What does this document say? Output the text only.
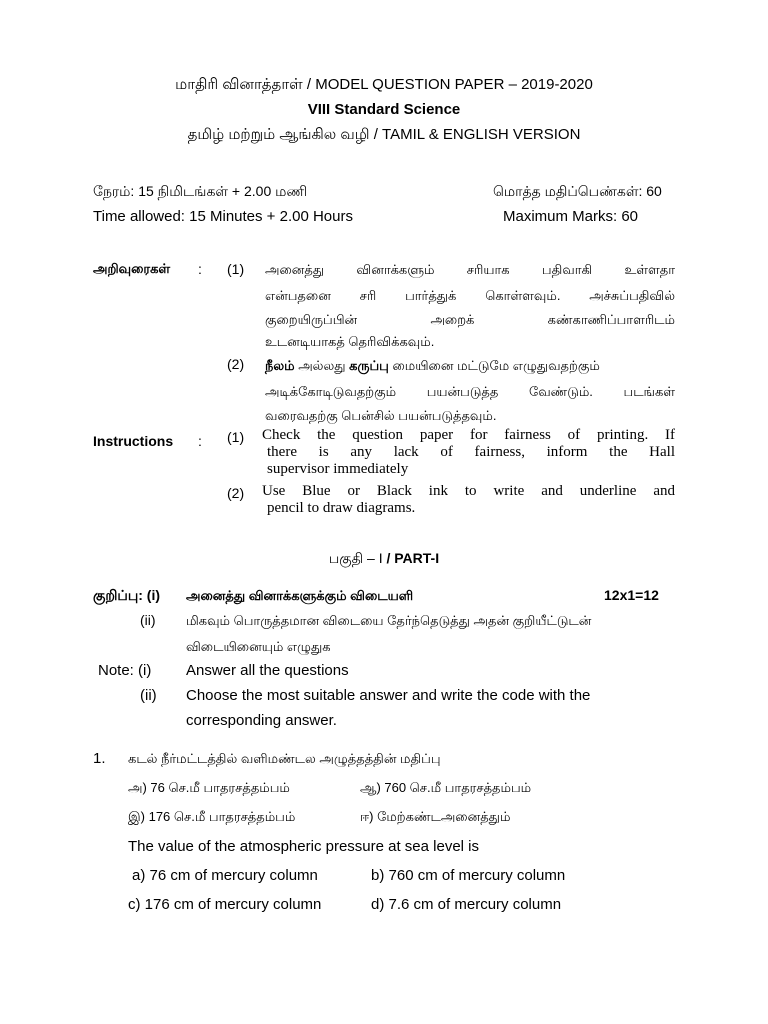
மாதிரி வினாத்தாள் / MODEL QUESTION PAPER – 2019-2020
VIII Standard Science
தமிழ் மற்றும் ஆங்கில வழி / TAMIL & ENGLISH VERSION
நேரம்: 15 நிமிடங்கள் + 2.00 மணி	மொத்த மதிப்பெண்கள்: 60
Time allowed: 15 Minutes + 2.00 Hours	Maximum Marks: 60
அறிவுரைகள் : (1) அனைத்து வினாக்களும் சரியாக பதிவாகி உள்ளதா
என்பதனை சரி பார்த்துக் கொள்ளவும். அச்சுப்பதிவில்
குறையிருப்பின் அறைக் கண்காணிப்பாளரிடம்
உடனடியாகத் தெரிவிக்கவும்.
(2) நீலம் அல்லது கருப்பு மையினை மட்டுமே எழுதுவதற்கும்
அடிக்கோடிடுவதற்கும் பயன்படுத்த வேண்டும். படங்கள்
வரைவதற்கு பென்சில் பயன்படுத்தவும்.
Instructions : (1) Check the question paper for fairness of printing. If
there is any lack of fairness, inform the Hall
supervisor immediately
(2) Use Blue or Black ink to write and underline and
pencil to draw diagrams.
பகுதி – I / PART-I
குறிப்பு: (i) அனைத்து வினாக்களுக்கும் விடையளி	12x1=12
(ii) மிகவும் பொருத்தமான விடையை தேர்ந்தெடுத்து அதன் குறியீட்டுடன்
விடையினையும் எழுதுக
Note: (i) Answer all the questions
(ii) Choose the most suitable answer and write the code with the
corresponding answer.
1. கடல் நீர்மட்டத்தில் வளிமண்டல அழுத்தத்தின் மதிப்பு
அ) 76 செ.மீ பாதரசத்தம்பம்	ஆ) 760 செ.மீ பாதரசத்தம்பம்
இ) 176 செ.மீ பாதரசத்தம்பம்	ஈ) மேற்கண்டஅனைத்தும்
The value of the atmospheric pressure at sea level is
a) 76 cm of mercury column	b) 760 cm of mercury column
c) 176 cm of mercury column	d) 7.6 cm of mercury column
